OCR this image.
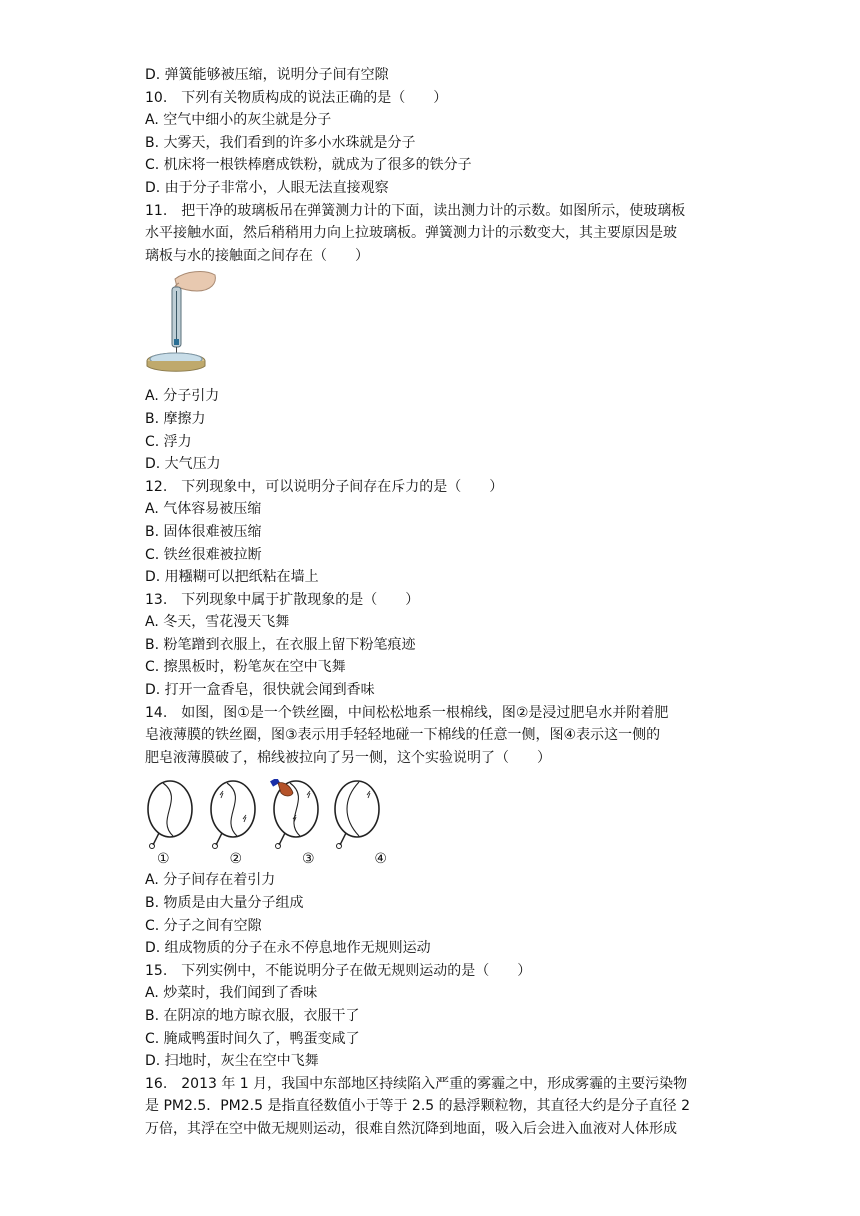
D. 弹簧能够被压缩，说明分子间有空隙
10.　下列有关物质构成的说法正确的是（　　）
A. 空气中细小的灰尘就是分子
B. 大雾天，我们看到的许多小水珠就是分子
C. 机床将一根铁棒磨成铁粉，就成为了很多的铁分子
D. 由于分子非常小，人眼无法直接观察
11.　把干净的玻璃板吊在弹簧测力计的下面，读出测力计的示数。如图所示，使玻璃板
水平接触水面，然后稍稍用力向上拉玻璃板。弹簧测力计的示数变大，其主要原因是玻
璃板与水的接触面之间存在（　　）
A. 分子引力
B. 摩擦力
C. 浮力
D. 大气压力
12.　下列现象中，可以说明分子间存在斥力的是（　　）
A. 气体容易被压缩
B. 固体很难被压缩
C. 铁丝很难被拉断
D. 用糨糊可以把纸粘在墙上
13.　下列现象中属于扩散现象的是（　　）
A. 冬天，雪花漫天飞舞
B. 粉笔蹭到衣服上，在衣服上留下粉笔痕迹
C. 擦黑板时，粉笔灰在空中飞舞
D. 打开一盒香皂，很快就会闻到香味
14.　如图，图①是一个铁丝圈，中间松松地系一根棉线，图②是浸过肥皂水并附着肥
皂液薄膜的铁丝圈，图③表示用手轻轻地碰一下棉线的任意一侧，图④表示这一侧的
肥皂液薄膜破了，棉线被拉向了另一侧，这个实验说明了（　　）
①	②	③	④
A. 分子间存在着引力
B. 物质是由大量分子组成
C. 分子之间有空隙
D. 组成物质的分子在永不停息地作无规则运动
15.　下列实例中，不能说明分子在做无规则运动的是（　　）
A. 炒菜时，我们闻到了香味
B. 在阴凉的地方晾衣服，衣服干了
C. 腌咸鸭蛋时间久了，鸭蛋变咸了
D. 扫地时，灰尘在空中飞舞
16.　2013 年 1 月，我国中东部地区持续陷入严重的雾霾之中，形成雾霾的主要污染物
是 PM2.5．PM2.5 是指直径数值小于等于 2.5 的悬浮颗粒物，其直径大约是分子直径 2
万倍，其浮在空中做无规则运动，很难自然沉降到地面，吸入后会进入血液对人体形成
